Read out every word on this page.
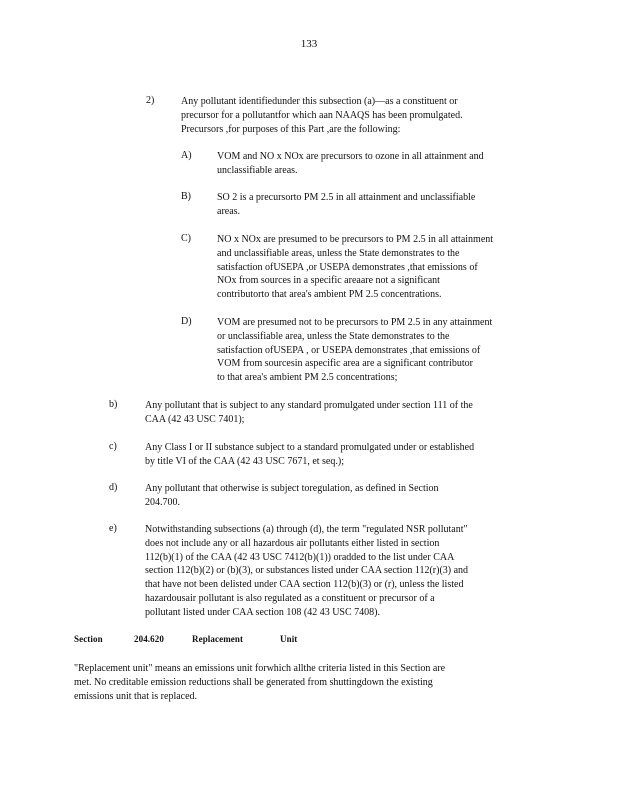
133
2)	Any pollutant identifiedunder this subsection (a)—as a constituent or
precursor for a pollutantfor which aan NAAQS has been promulgated.
Precursors ,for purposes of this Part ,are the following:
A)	VOM and NO x NOx are precursors to ozone in all attainment and
unclassifiable areas.
B)	SO 2 is a precursorto PM 2.5 in all attainment and unclassifiable
areas.
C)	NO x NOx are presumed to be precursors to PM 2.5 in all attainment
and unclassifiable areas, unless the State demonstrates to the
satisfaction ofUSEPA ,or USEPA demonstrates ,that emissions of
NOx from sources in a specific areaare not a significant
contributorto that area's ambient PM 2.5 concentrations.
D)	VOM are presumed not to be precursors to PM 2.5 in any attainment
or unclassifiable area, unless the State demonstrates to the
satisfaction ofUSEPA , or USEPA demonstrates ,that emissions of
VOM from sourcesin aspecific area are a significant contributor
to that area's ambient PM 2.5 concentrations;
b)	Any pollutant that is subject to any standard promulgated under section 111 of the
CAA (42 43 USC 7401);
c)	Any Class I or II substance subject to a standard promulgated under or established
by title VI of the CAA (42 43 USC 7671, et seq.);
d)	Any pollutant that otherwise is subject toregulation, as defined in Section
204.700.
e)	Notwithstanding subsections (a) through (d), the term "regulated NSR pollutant"
does not include any or all hazardous air pollutants either listed in section
112(b)(1) of the CAA (42 43 USC 7412(b)(1)) oradded to the list under CAA
section 112(b)(2) or (b)(3), or substances listed under CAA section 112(r)(3) and
that have not been delisted under CAA section 112(b)(3) or (r), unless the listed
hazardousair pollutant is also regulated as a constituent or precursor of a
pollutant listed under CAA section 108 (42 43 USC 7408).
Section	204.620	Replacement	Unit
"Replacement unit" means an emissions unit forwhich allthe criteria listed in this Section are
met. No creditable emission reductions shall be generated from shuttingdown the existing
emissions unit that is replaced.
